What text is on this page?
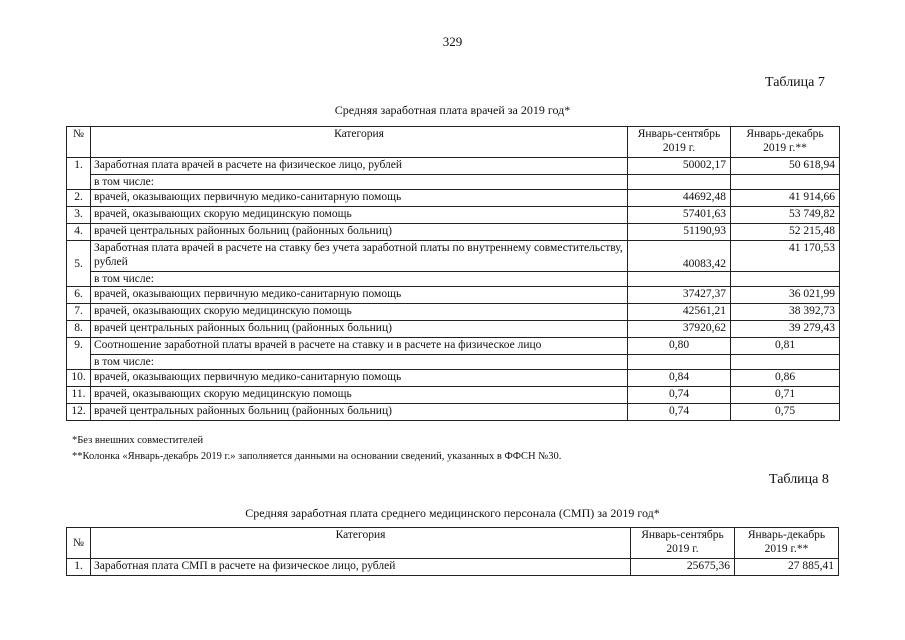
329
Таблица 7
Средняя заработная плата врачей за 2019 год*
№	Категория	Январь-сентябрь 2019 г.	Январь-декабрь 2019 г.**
1.	Заработная плата врачей в расчете на физическое лицо, рублей	50002,17	50 618,94
	в том числе:		
2.	врачей, оказывающих первичную медико-санитарную помощь	44692,48	41 914,66
3.	врачей, оказывающих скорую медицинскую помощь	57401,63	53 749,82
4.	врачей центральных районных больниц (районных больниц)	51190,93	52 215,48
5.	Заработная плата врачей в расчете на ставку без учета заработной платы по внутреннему совместительству, рублей	40083,42	41 170,53
	в том числе:		
6.	врачей, оказывающих первичную медико-санитарную помощь	37427,37	36 021,99
7.	врачей, оказывающих скорую медицинскую помощь	42561,21	38 392,73
8.	врачей центральных районных больниц (районных больниц)	37920,62	39 279,43
9.	Соотношение заработной платы врачей в расчете на ставку и в расчете на физическое лицо	0,80	0,81
	в том числе:		
10.	врачей, оказывающих первичную медико-санитарную помощь	0,84	0,86
11.	врачей, оказывающих скорую медицинскую помощь	0,74	0,71
12.	врачей центральных районных больниц (районных больниц)	0,74	0,75
*Без внешних совместителей
**Колонка «Январь-декабрь 2019 г.» заполняется данными на основании сведений, указанных в ФФСН №30.
Таблица 8
Средняя заработная плата среднего медицинского персонала (СМП) за 2019 год*
№	Категория	Январь-сентябрь 2019 г.	Январь-декабрь 2019 г.**
1.	Заработная плата СМП в расчете на физическое лицо, рублей	25675,36	27 885,41
